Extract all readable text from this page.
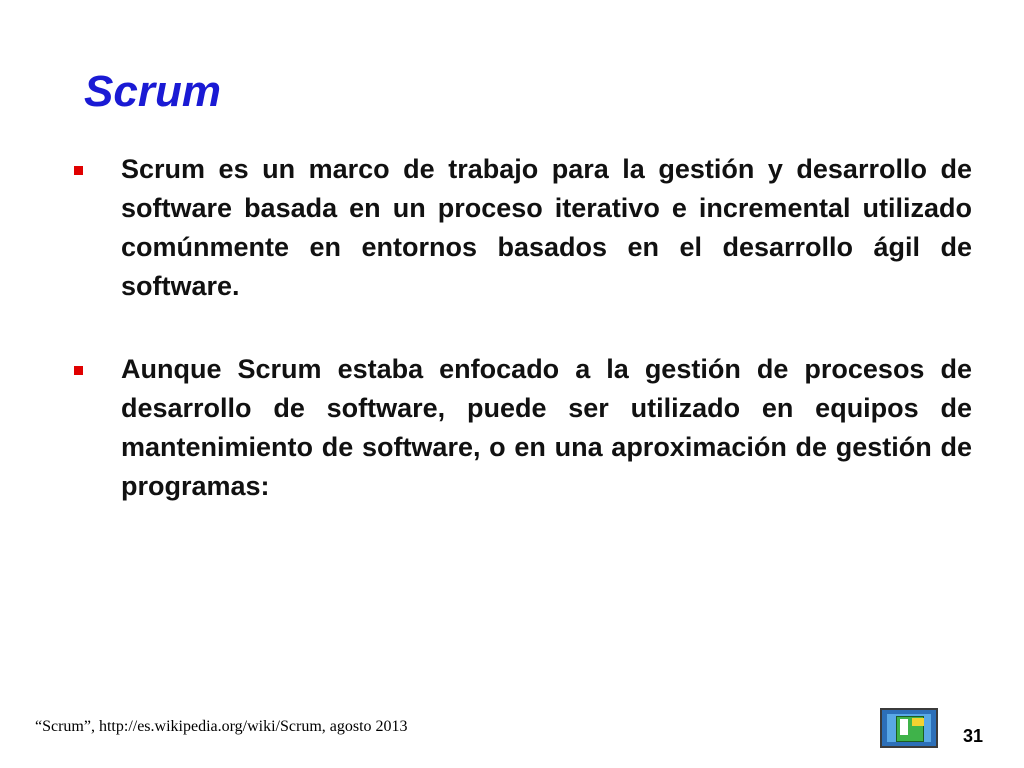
Scrum
Scrum es un marco de trabajo para la gestión y desarrollo de software basada en un proceso iterativo e incremental utilizado comúnmente en entornos basados en el desarrollo ágil de software.
Aunque Scrum estaba enfocado a la gestión de procesos de desarrollo de software, puede ser utilizado en equipos de mantenimiento de software, o en una aproximación de gestión de programas:
“Scrum”, http://es.wikipedia.org/wiki/Scrum, agosto 2013	31
